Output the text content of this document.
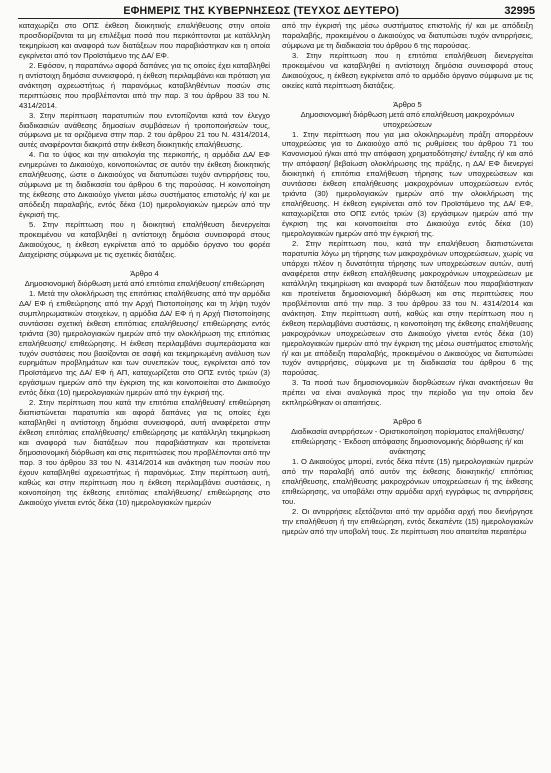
ΕΦΗΜΕΡΙΣ ΤΗΣ ΚΥΒΕΡΝΗΣΕΩΣ (ΤΕΥΧΟΣ ΔΕΥΤΕΡΟ)	32995

καταχωρίζει στο ΟΠΣ έκθεση διοικητικής επαλήθευσης στην οποία προσδιορίζονται τα μη επιλέξιμα ποσά που περικόπτονται με κατάλληλη τεκμηρίωση και αναφορά των διατάξεων που παραβιάστηκαν και η οποία εγκρίνεται από τον Προϊστάμενο της ΔΑ/ ΕΦ.

2. Εφόσον, η παραπάνω αφορά δαπάνες για τις οποίες έχει καταβληθεί η αντίστοιχη δημόσια συνεισφορά, η έκθεση περιλαμβάνει και πρόταση για ανάκτηση αχρεωστήτως ή παρανόμως καταβληθέντων ποσών στις περιπτώσεις που προβλέπονται από την παρ. 3 του άρθρου 33 του Ν. 4314/2014.

3. Στην περίπτωση παρατυπιών που εντοπίζονται κατά τον έλεγχο διαδικασιών ανάθεσης δημοσίων συμβάσεων ή τροποποιήσεών τους, σύμφωνα με τα οριζόμενα στην παρ. 2 του άρθρου 21 του Ν. 4314/2014, αυτές αναφέρονται διακριτά στην έκθεση διοικητικής επαλήθευσης.

4. Για το ύψος και την αιτιολογία της περικοπής, η αρμόδια ΔΑ/ ΕΦ ενημερώνει το Δικαιούχο, κοινοποιώντας σε αυτόν την έκθεση διοικητικής επαλήθευσης, ώστε ο Δικαιούχος να διατυπώσει τυχόν αντιρρήσεις του, σύμφωνα με τη διαδικασία του άρθρου 6 της παρούσας. Η κοινοποίηση της έκθεσης στο Δικαιούχο γίνεται μέσω συστήματος επιστολής ή/ και με απόδειξη παραλαβής, εντός δέκα (10) ημερολογιακών ημερών από την έγκρισή της.

5. Στην περίπτωση που η διοικητική επαλήθευση διενεργείται προκειμένου να καταβληθεί η αντίστοιχη δημόσια συνεισφορά στους Δικαιούχους, η έκθεση εγκρίνεται από το αρμόδιο όργανο του φορέα Διαχείρισης σύμφωνα με τις σχετικές διατάξεις.

Άρθρο 4

Δημοσιονομική διόρθωση μετά από επιτόπια επαλήθευση/ επιθεώρηση

1. Μετά την ολοκλήρωση της επιτόπιας επαλήθευσης από την αρμόδια ΔΑ/ ΕΦ ή επιθεώρησης από την Αρχή Πιστοποίησης και τη λήψη τυχόν συμπληρωματικών στοιχείων, η αρμόδια ΔΑ/ ΕΦ ή η Αρχή Πιστοποίησης συντάσσει σχετική έκθεση επιτόπιας επαλήθευσης/ επιθεώρησης εντός τριάντα (30) ημερολογιακών ημερών από την ολοκλήρωση της επιτόπιας επαλήθευσης/ επιθεώρησης. Η έκθεση περιλαμβάνει συμπεράσματα και τυχόν συστάσεις που βασίζονται σε σαφή και τεκμηριωμένη ανάλυση των ευρημάτων προβλημάτων και των συνεπειών τους, εγκρίνεται από τον Προϊστάμενο της ΔΑ/ ΕΦ ή ΑΠ, καταχωρίζεται στο ΟΠΣ εντός τριών (3) εργάσιμων ημερών από την έγκριση της και κοινοποιείται στο Δικαιούχο εντός δέκα (10) ημερολογιακών ημερών από την έγκρισή της.

2. Στην περίπτωση που κατά την επιτόπια επαλήθευση/ επιθεώρηση διαπιστώνεται παρατυπία και αφορά δαπάνες για τις οποίες έχει καταβληθεί η αντίστοιχη δημόσια συνεισφορά, αυτή αναφέρεται στην έκθεση επιτόπιας επαλήθευσης/ επιθεώρησης με κατάλληλη τεκμηρίωση και αναφορά των διατάξεων που παραβιάστηκαν και προτείνεται δημοσιονομική διόρθωση και στις περιπτώσεις που προβλέπονται από την παρ. 3 του άρθρου 33 του Ν. 4314/2014 και ανάκτηση των ποσών που έχουν καταβληθεί αχρεωστήτως ή παρανόμως. Στην περίπτωση αυτή, καθώς και στην περίπτωση που η έκθεση περιλαμβάνει συστάσεις, η κοινοποίηση της έκθεσης επιτόπιας επαλήθευσης/ επιθεώρησης στο Δικαιούχο γίνεται εντός δέκα (10) ημερολογιακών ημερών

από την έγκρισή της μέσω συστήματος επιστολής ή/ και με απόδειξη παραλαβής, προκειμένου ο Δικαιούχος να διατυπώσει τυχόν αντιρρήσεις, σύμφωνα με τη διαδικασία του άρθρου 6 της παρούσας.

3. Στην περίπτωση που η επιτόπια επαλήθευση διενεργείται προκειμένου να καταβληθεί η αντίστοιχη δημόσια συνεισφορά στους Δικαιούχους, η έκθεση εγκρίνεται από το αρμόδιο όργανο σύμφωνα με τις οικείες κατά περίπτωση διατάξεις.

Άρθρο 5

Δημοσιονομική διόρθωση μετά από επαλήθευση μακροχρόνιων υποχρεώσεων

1. Στην περίπτωση που για μια ολοκληρωμένη πράξη απορρέουν υποχρεώσεις για το Δικαιούχο από τις ρυθμίσεις του άρθρου 71 του Κανονισμού ή/και από την απόφαση χρηματοδότησης/ ένταξης ή/ και από την απόφαση/ βεβαίωση ολοκλήρωσης της πράξης, η ΔΑ/ ΕΦ διενεργεί διοικητική ή επιτόπια επαλήθευση τήρησης των υποχρεώσεων και συντάσσει έκθεση επαλήθευσης μακροχρόνιων υποχρεώσεων εντός τριάντα (30) ημερολογιακών ημερών από την ολοκλήρωση της επαλήθευσης. Η έκθεση εγκρίνεται από τον Προϊστάμενο της ΔΑ/ ΕΦ, καταχωρίζεται στο ΟΠΣ εντός τριών (3) εργάσιμων ημερών από την έγκριση της και κοινοποιείται στο Δικαιούχο εντός δέκα (10) ημερολογιακών ημερών από την έγκρισή της.

2. Στην περίπτωση που, κατά την επαλήθευση διαπιστώνεται παρατυπία λόγω μη τήρησης των μακροχρόνιων υποχρεώσεων, χωρίς να υπάρχει πλέον η δυνατότητα τήρησης των υποχρεώσεων αυτών, αυτή αναφέρεται στην έκθεση επαλήθευσης μακροχρόνιων υποχρεώσεων με κατάλληλη τεκμηρίωση και αναφορά των διατάξεων που παραβιάστηκαν και προτείνεται δημοσιονομική διόρθωση και στις περιπτώσεις που προβλέπονται από την παρ. 3 του άρθρου 33 του Ν. 4314/2014 και ανάκτηση. Στην περίπτωση αυτή, καθώς και στην περίπτωση που η έκθεση περιλαμβάνει συστάσεις, η κοινοποίηση της έκθεσης επαλήθευσης μακροχρόνιων υποχρεώσεων στο Δικαιούχο γίνεται εντός δέκα (10) ημερολογιακών ημερών από την έγκριση της μέσω συστήματος επιστολής ή/ και με απόδειξη παραλαβής, προκειμένου ο Δικαιούχος να διατυπώσει τυχόν αντιρρήσεις, σύμφωνα με τη διαδικασία του άρθρου 6 της παρούσας.

3. Τα ποσά των δημοσιονομικών διορθώσεων ή/και ανακτήσεων θα πρέπει να είναι αναλογικά προς την περίοδο για την οποία δεν εκπληρώθηκαν οι απαιτήσεις.

Άρθρο 6

Διαδικασία αντιρρήσεων - Οριστικοποίηση πορίσματος επαλήθευσης/ επιθεώρησης - Έκδοση απόφασης δημοσιονομικής διόρθωσης ή/ και ανάκτησης

1. Ο Δικαιούχος μπορεί, εντός δέκα πέντε (15) ημερολογιακών ημερών από την παραλαβή από αυτόν της έκθεσης διοικητικής/ επιτόπιας επαλήθευσης, επαλήθευσης μακροχρόνιων υποχρεώσεων ή της έκθεσης επιθεώρησης, να υποβάλει στην αρμόδια αρχή εγγράφως τις αντιρρήσεις του.

2. Οι αντιρρήσεις εξετάζονται από την αρμόδια αρχή που διενήργησε την επαλήθευση ή την επιθεώρηση, εντός δεκαπέντε (15) ημερολογιακών ημερών από την υποβολή τους. Σε περίπτωση που απαιτείται περαιτέρω
